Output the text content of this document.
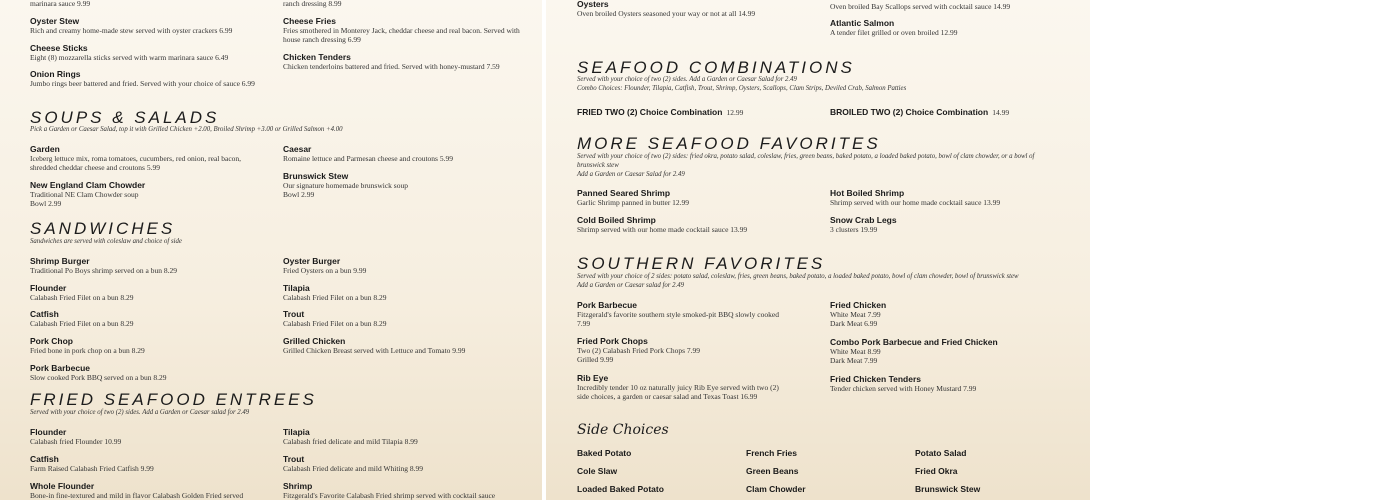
marinara sauce 9.99	ranch dressing 8.99
Oyster Stew
Rich and creamy home-made stew served with oyster crackers 6.99
Cheese Sticks
Eight (8) mozzarella sticks served with warm marinara sauce 6.49
Onion Rings
Jumbo rings beer battered and fried. Served with your choice of sauce 6.99
Cheese Fries
Fries smothered in Monterey Jack, cheddar cheese and real bacon. Served with house ranch dressing 6.99
Chicken Tenders
Chicken tenderloins battered and fried. Served with honey-mustard 7.59
SOUPS & SALADS
Pick a Garden or Caesar Salad, top it with Grilled Chicken +2.00, Broiled Shrimp +3.00 or Grilled Salmon +4.00
Garden
Iceberg lettuce mix, roma tomatoes, cucumbers, red onion, real bacon, shredded cheddar cheese and croutons 5.99
New England Clam Chowder
Traditional NE Clam Chowder soup
Bowl 2.99
Caesar
Romaine lettuce and Parmesan cheese and croutons 5.99
Brunswick Stew
Our signature homemade brunswick soup
Bowl 2.99
SANDWICHES
Sandwiches are served with coleslaw and choice of side
Shrimp Burger
Traditional Po Boys shrimp served on a bun 8.29
Flounder
Calabash Fried Filet on a bun 8.29
Catfish
Calabash Fried Filet on a bun 8.29
Pork Chop
Fried bone in pork chop on a bun 8.29
Pork Barbecue
Slow cooked Pork BBQ served on a bun 8.29
Oyster Burger
Fried Oysters on a bun 9.99
Tilapia
Calabash Fried Filet on a bun 8.29
Trout
Calabash Fried Filet on a bun 8.29
Grilled Chicken
Grilled Chicken Breast served with Lettuce and Tomato 9.99
FRIED SEAFOOD ENTREES
Served with your choice of two (2) sides. Add a Garden or Caesar salad for 2.49
Flounder
Calabash fried Flounder 10.99
Catfish
Farm Raised Calabash Fried Catfish 9.99
Whole Flounder
Bone-in fine-textured and mild in flavor Calabash Golden Fried served
Tilapia
Calabash fried delicate and mild Tilapia 8.99
Trout
Calabash Fried delicate and mild Whiting 8.99
Shrimp
Fitzgerald's Favorite Calabash Fried shrimp served with cocktail sauce
Oysters
Oven broiled Oysters seasoned your way or not at all 14.99
Oven broiled Bay Scallops served with cocktail sauce 14.99
Atlantic Salmon
A tender filet grilled or oven broiled 12.99
SEAFOOD COMBINATIONS
Served with your choice of two (2) sides. Add a Garden or Caesar Salad for 2.49
Combo Choices: Flounder, Tilapia, Catfish, Trout, Shrimp, Oysters, Scallops, Clam Strips, Deviled Crab, Salmon Patties
FRIED TWO (2) Choice Combination 12.99	BROILED TWO (2) Choice Combination 14.99
MORE SEAFOOD FAVORITES
Served with your choice of two (2) sides: fried okra, potato salad, coleslaw, fries, green beans, baked potato, a loaded baked potato, bowl of clam chowder, or a bowl of brunswick stew
Add a Garden or Caesar Salad for 2.49
Panned Seared Shrimp
Garlic Shrimp panned in butter 12.99
Cold Boiled Shrimp
Shrimp served with our home made cocktail sauce 13.99
Hot Boiled Shrimp
Shrimp served with our home made cocktail sauce 13.99
Snow Crab Legs
3 clusters 19.99
SOUTHERN FAVORITES
Served with your choice of 2 sides: potato salad, coleslaw, fries, green beans, baked potato, a loaded baked potato, bowl of clam chowder, bowl of brunswick stew
Add a Garden or Caesar salad for 2.49
Pork Barbecue
Fitzgerald's favorite southern style smoked-pit BBQ slowly cooked
7.99
Fried Pork Chops
Two (2) Calabash Fried Pork Chops 7.99
Grilled 9.99
Rib Eye
Incredibly tender 10 oz naturally juicy Rib Eye served with two (2)
side choices, a garden or caesar salad and Texas Toast 16.99
Fried Chicken
White Meat 7.99
Dark Meat 6.99
Combo Pork Barbecue and Fried Chicken
White Meat 8.99
Dark Meat 7.99
Fried Chicken Tenders
Tender chicken served with Honey Mustard 7.99
Side Choices
Baked Potato
Cole Slaw
Loaded Baked Potato
French Fries
Green Beans
Clam Chowder
Potato Salad
Fried Okra
Brunswick Stew
